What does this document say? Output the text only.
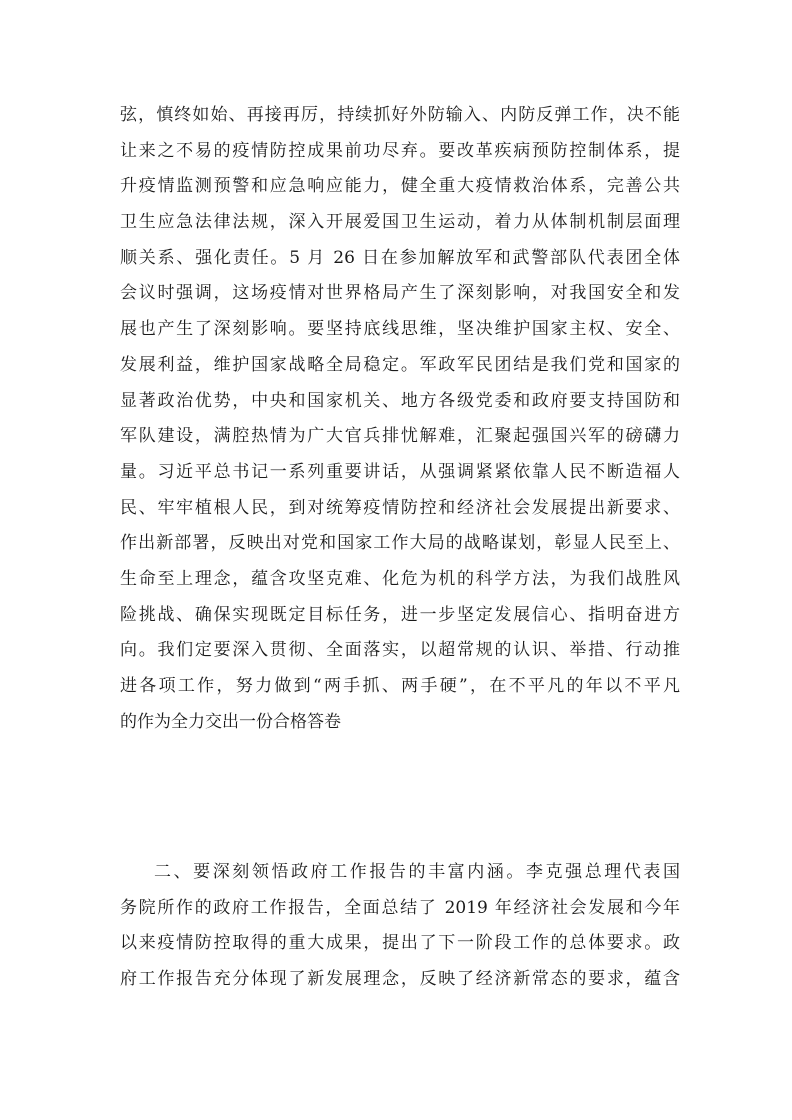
弦，慎终如始、再接再厉，持续抓好外防输入、内防反弹工作，决不能
让来之不易的疫情防控成果前功尽弃。要改革疾病预防控制体系，提
升疫情监测预警和应急响应能力，健全重大疫情救治体系，完善公共
卫生应急法律法规，深入开展爱国卫生运动，着力从体制机制层面理
顺关系、强化责任。5 月 26 日在参加解放军和武警部队代表团全体
会议时强调，这场疫情对世界格局产生了深刻影响，对我国安全和发
展也产生了深刻影响。要坚持底线思维，坚决维护国家主权、安全、
发展利益，维护国家战略全局稳定。军政军民团结是我们党和国家的
显著政治优势，中央和国家机关、地方各级党委和政府要支持国防和
军队建设，满腔热情为广大官兵排忧解难，汇聚起强国兴军的磅礴力
量。习近平总书记一系列重要讲话，从强调紧紧依靠人民不断造福人
民、牢牢植根人民，到对统筹疫情防控和经济社会发展提出新要求、
作出新部署，反映出对党和国家工作大局的战略谋划，彰显人民至上、
生命至上理念，蕴含攻坚克难、化危为机的科学方法，为我们战胜风
险挑战、确保实现既定目标任务，进一步坚定发展信心、指明奋进方
向。我们定要深入贯彻、全面落实，以超常规的认识、举措、行动推
进各项工作，努力做到“两手抓、两手硬”，在不平凡的年以不平凡
的作为全力交出一份合格答卷
二、要深刻领悟政府工作报告的丰富内涵。李克强总理代表国
务院所作的政府工作报告，全面总结了 2019 年经济社会发展和今年
以来疫情防控取得的重大成果，提出了下一阶段工作的总体要求。政
府工作报告充分体现了新发展理念，反映了经济新常态的要求，蕴含
